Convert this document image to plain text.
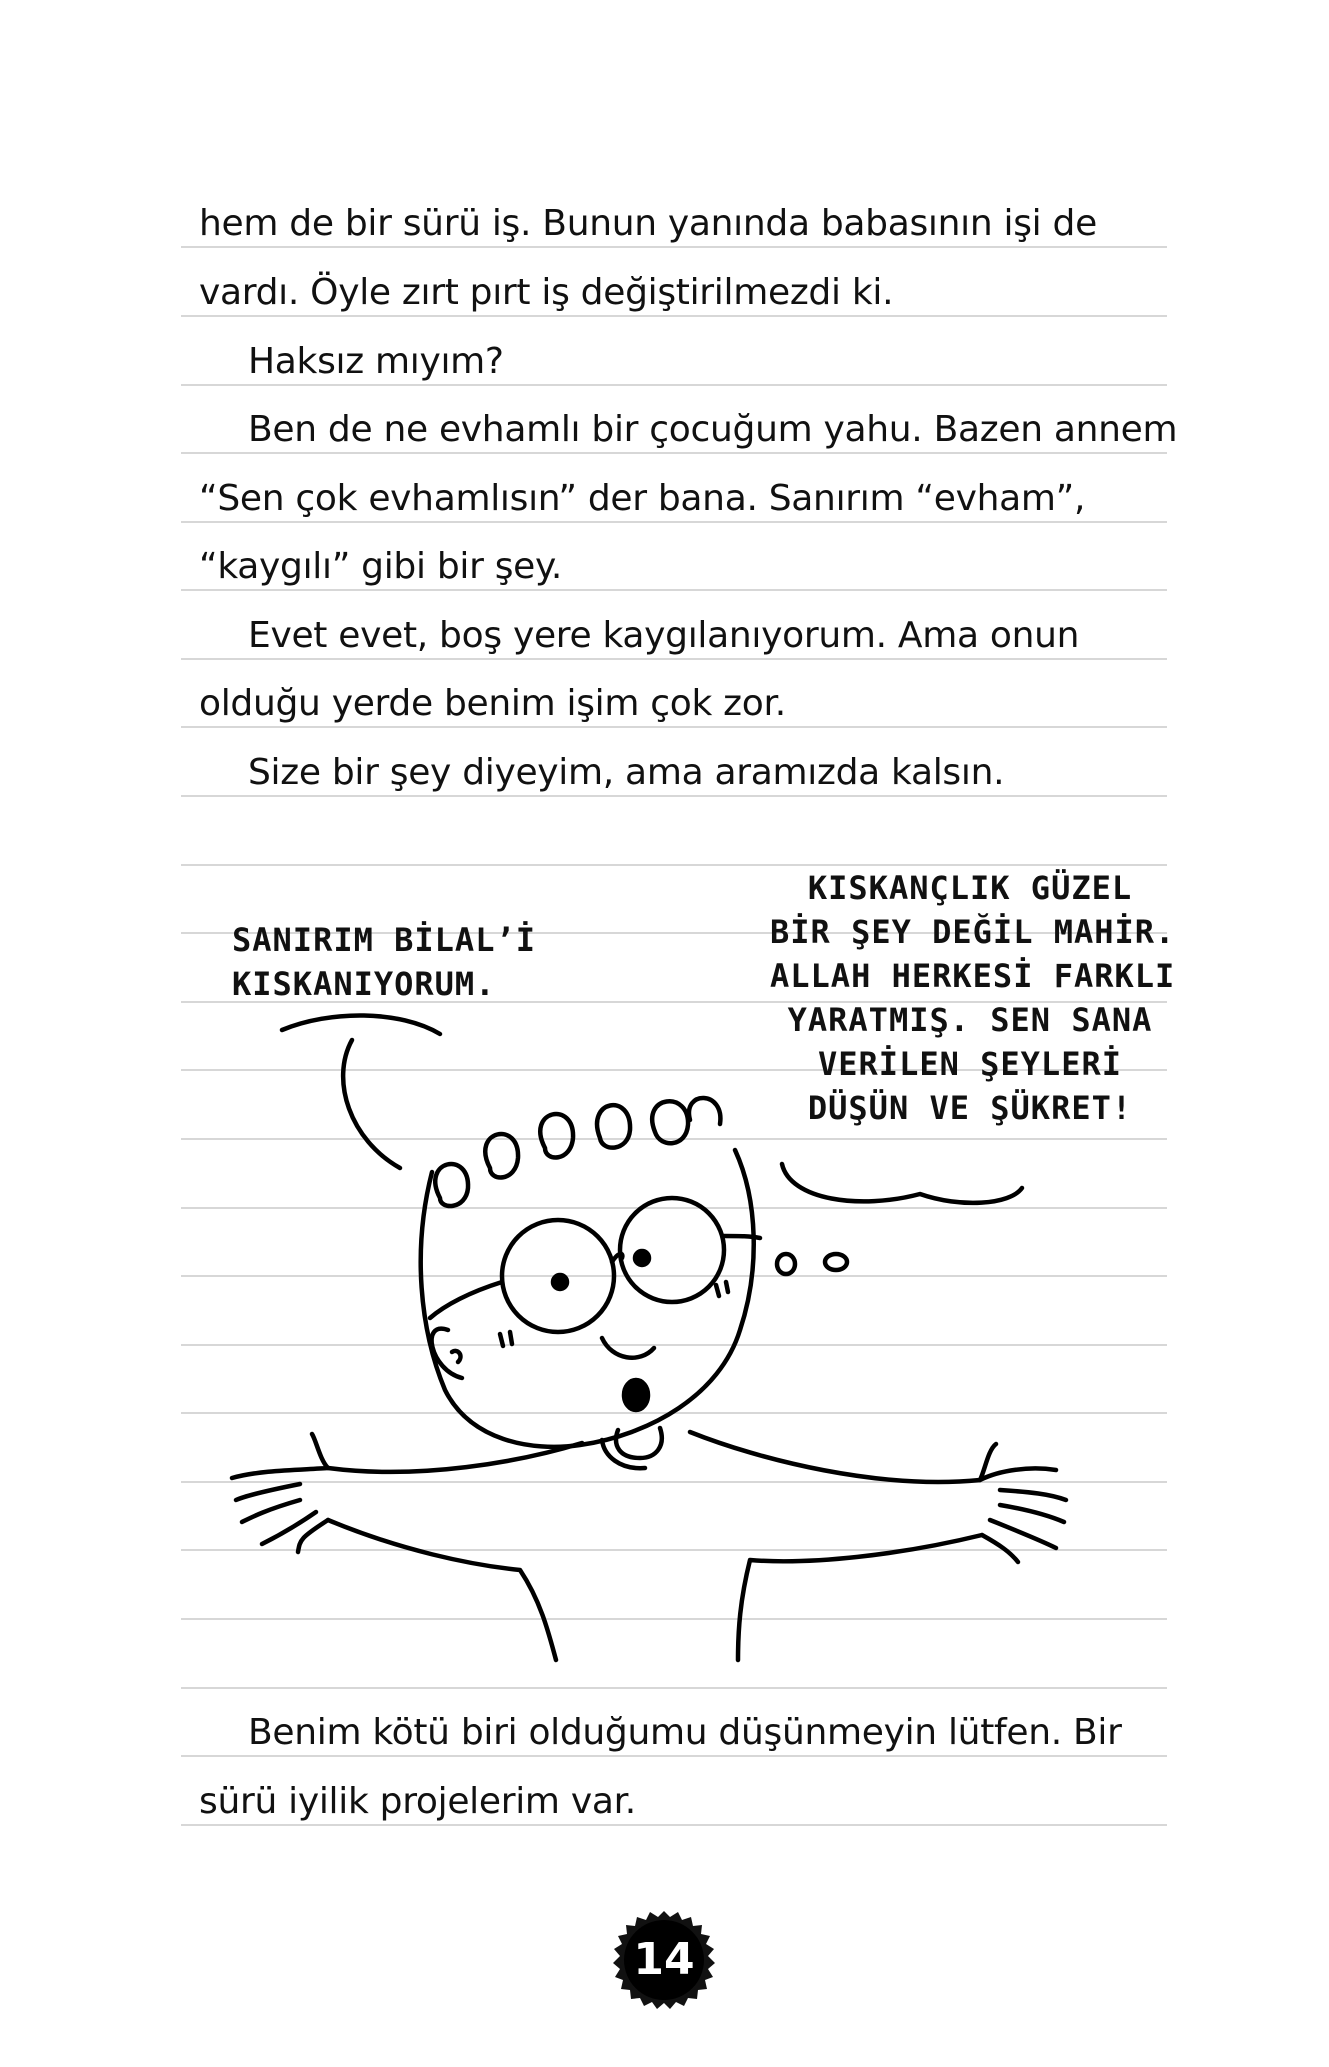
hem de bir sürü iş. Bunun yanında babasının işi de
vardı. Öyle zırt pırt iş değiştirilmezdi ki.
Haksız mıyım?
Ben de ne evhamlı bir çocuğum yahu. Bazen annem
“Sen çok evhamlısın” der bana. Sanırım “evham”,
“kaygılı” gibi bir şey.
Evet evet, boş yere kaygılanıyorum. Ama onun
olduğu yerde benim işim çok zor.
Size bir şey diyeyim, ama aramızda kalsın.
SANIRIM BİLAL’İ
KISKANIYORUM.
KISKANÇLIK GÜZEL
BİR ŞEY DEĞİL MAHİR.
ALLAH HERKESİ FARKLI
YARATMIŞ. SEN SANA
VERİLEN ŞEYLERİ
DÜŞÜN VE ŞÜKRET!
Benim kötü biri olduğumu düşünmeyin lütfen. Bir
sürü iyilik projelerim var.
14
